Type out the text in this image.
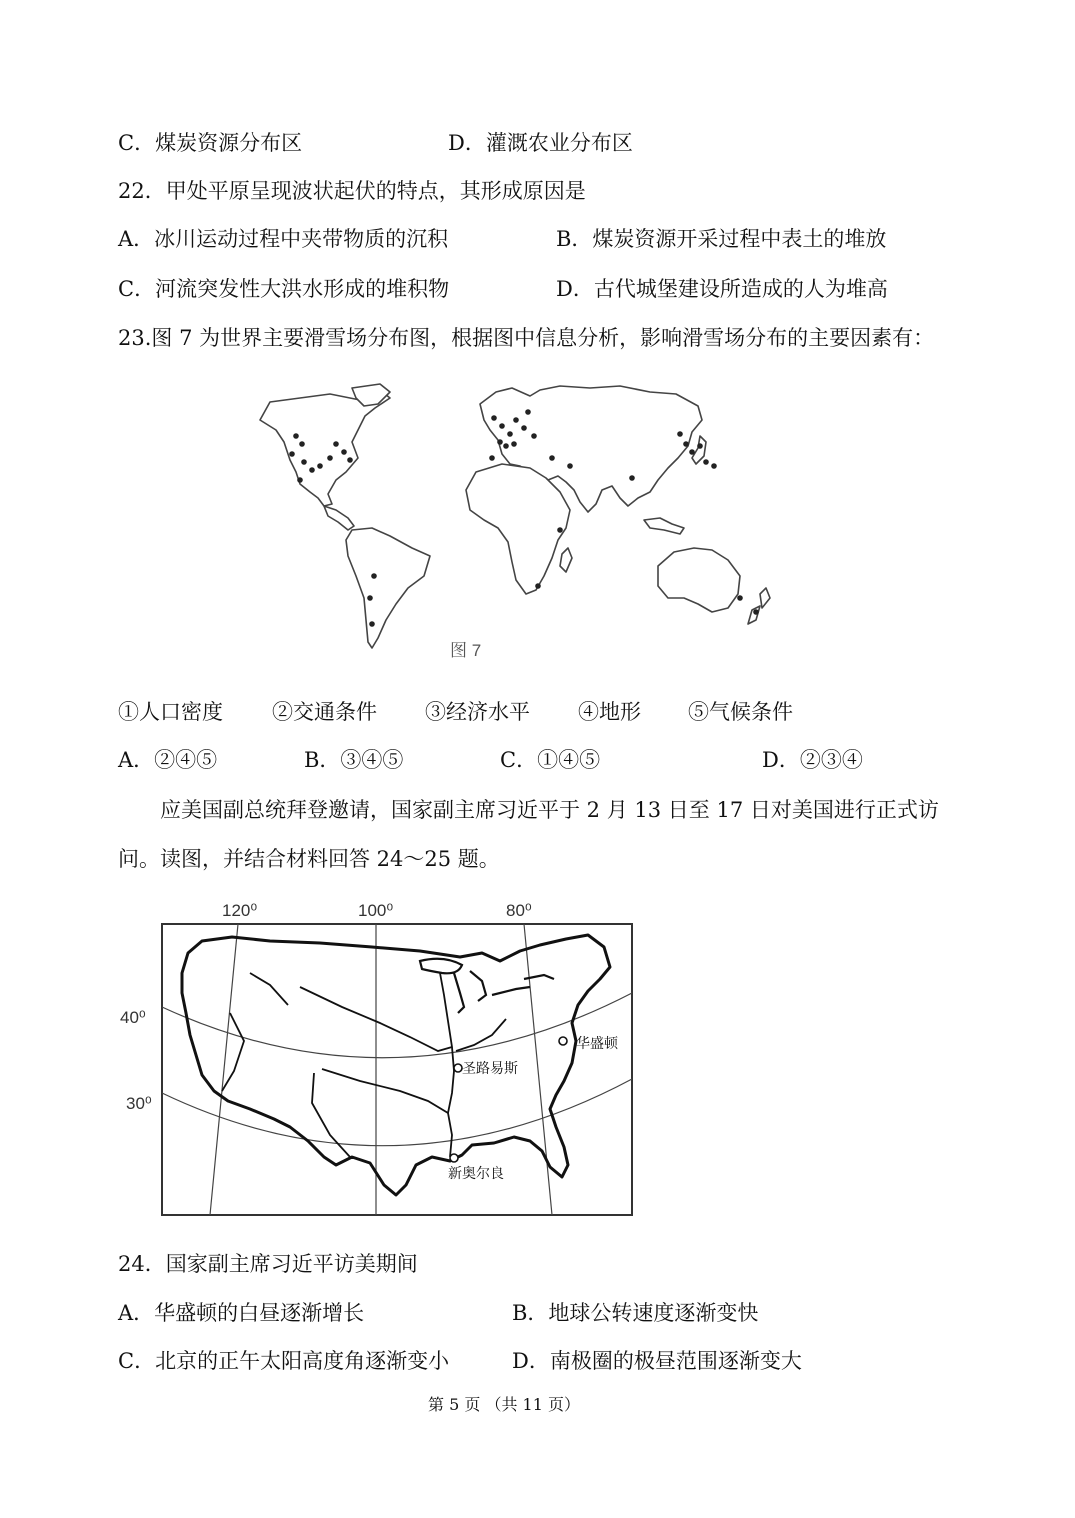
C．煤炭资源分布区	D．灌溉农业分布区
22．甲处平原呈现波状起伏的特点，其形成原因是
A．冰川运动过程中夹带物质的沉积	B．煤炭资源开采过程中表土的堆放
C．河流突发性大洪水形成的堆积物	D．古代城堡建设所造成的人为堆高
23.图 7 为世界主要滑雪场分布图，根据图中信息分析，影响滑雪场分布的主要因素有：
图 7
①人口密度 ②交通条件 ③经济水平 ④地形 ⑤气候条件
A．②④⑤	B．③④⑤	C．①④⑤	D．②③④
应美国副总统拜登邀请，国家副主席习近平于 2 月 13 日至 17 日对美国进行正式访
问。读图，并结合材料回答 24～25 题。
120⁰	100⁰	80⁰
40⁰
30⁰
圣路易斯
华盛顿
新奥尔良
24．国家副主席习近平访美期间
A．华盛顿的白昼逐渐增长	B．地球公转速度逐渐变快
C．北京的正午太阳高度角逐渐变小	D．南极圈的极昼范围逐渐变大
第 5 页 （共 11 页）
